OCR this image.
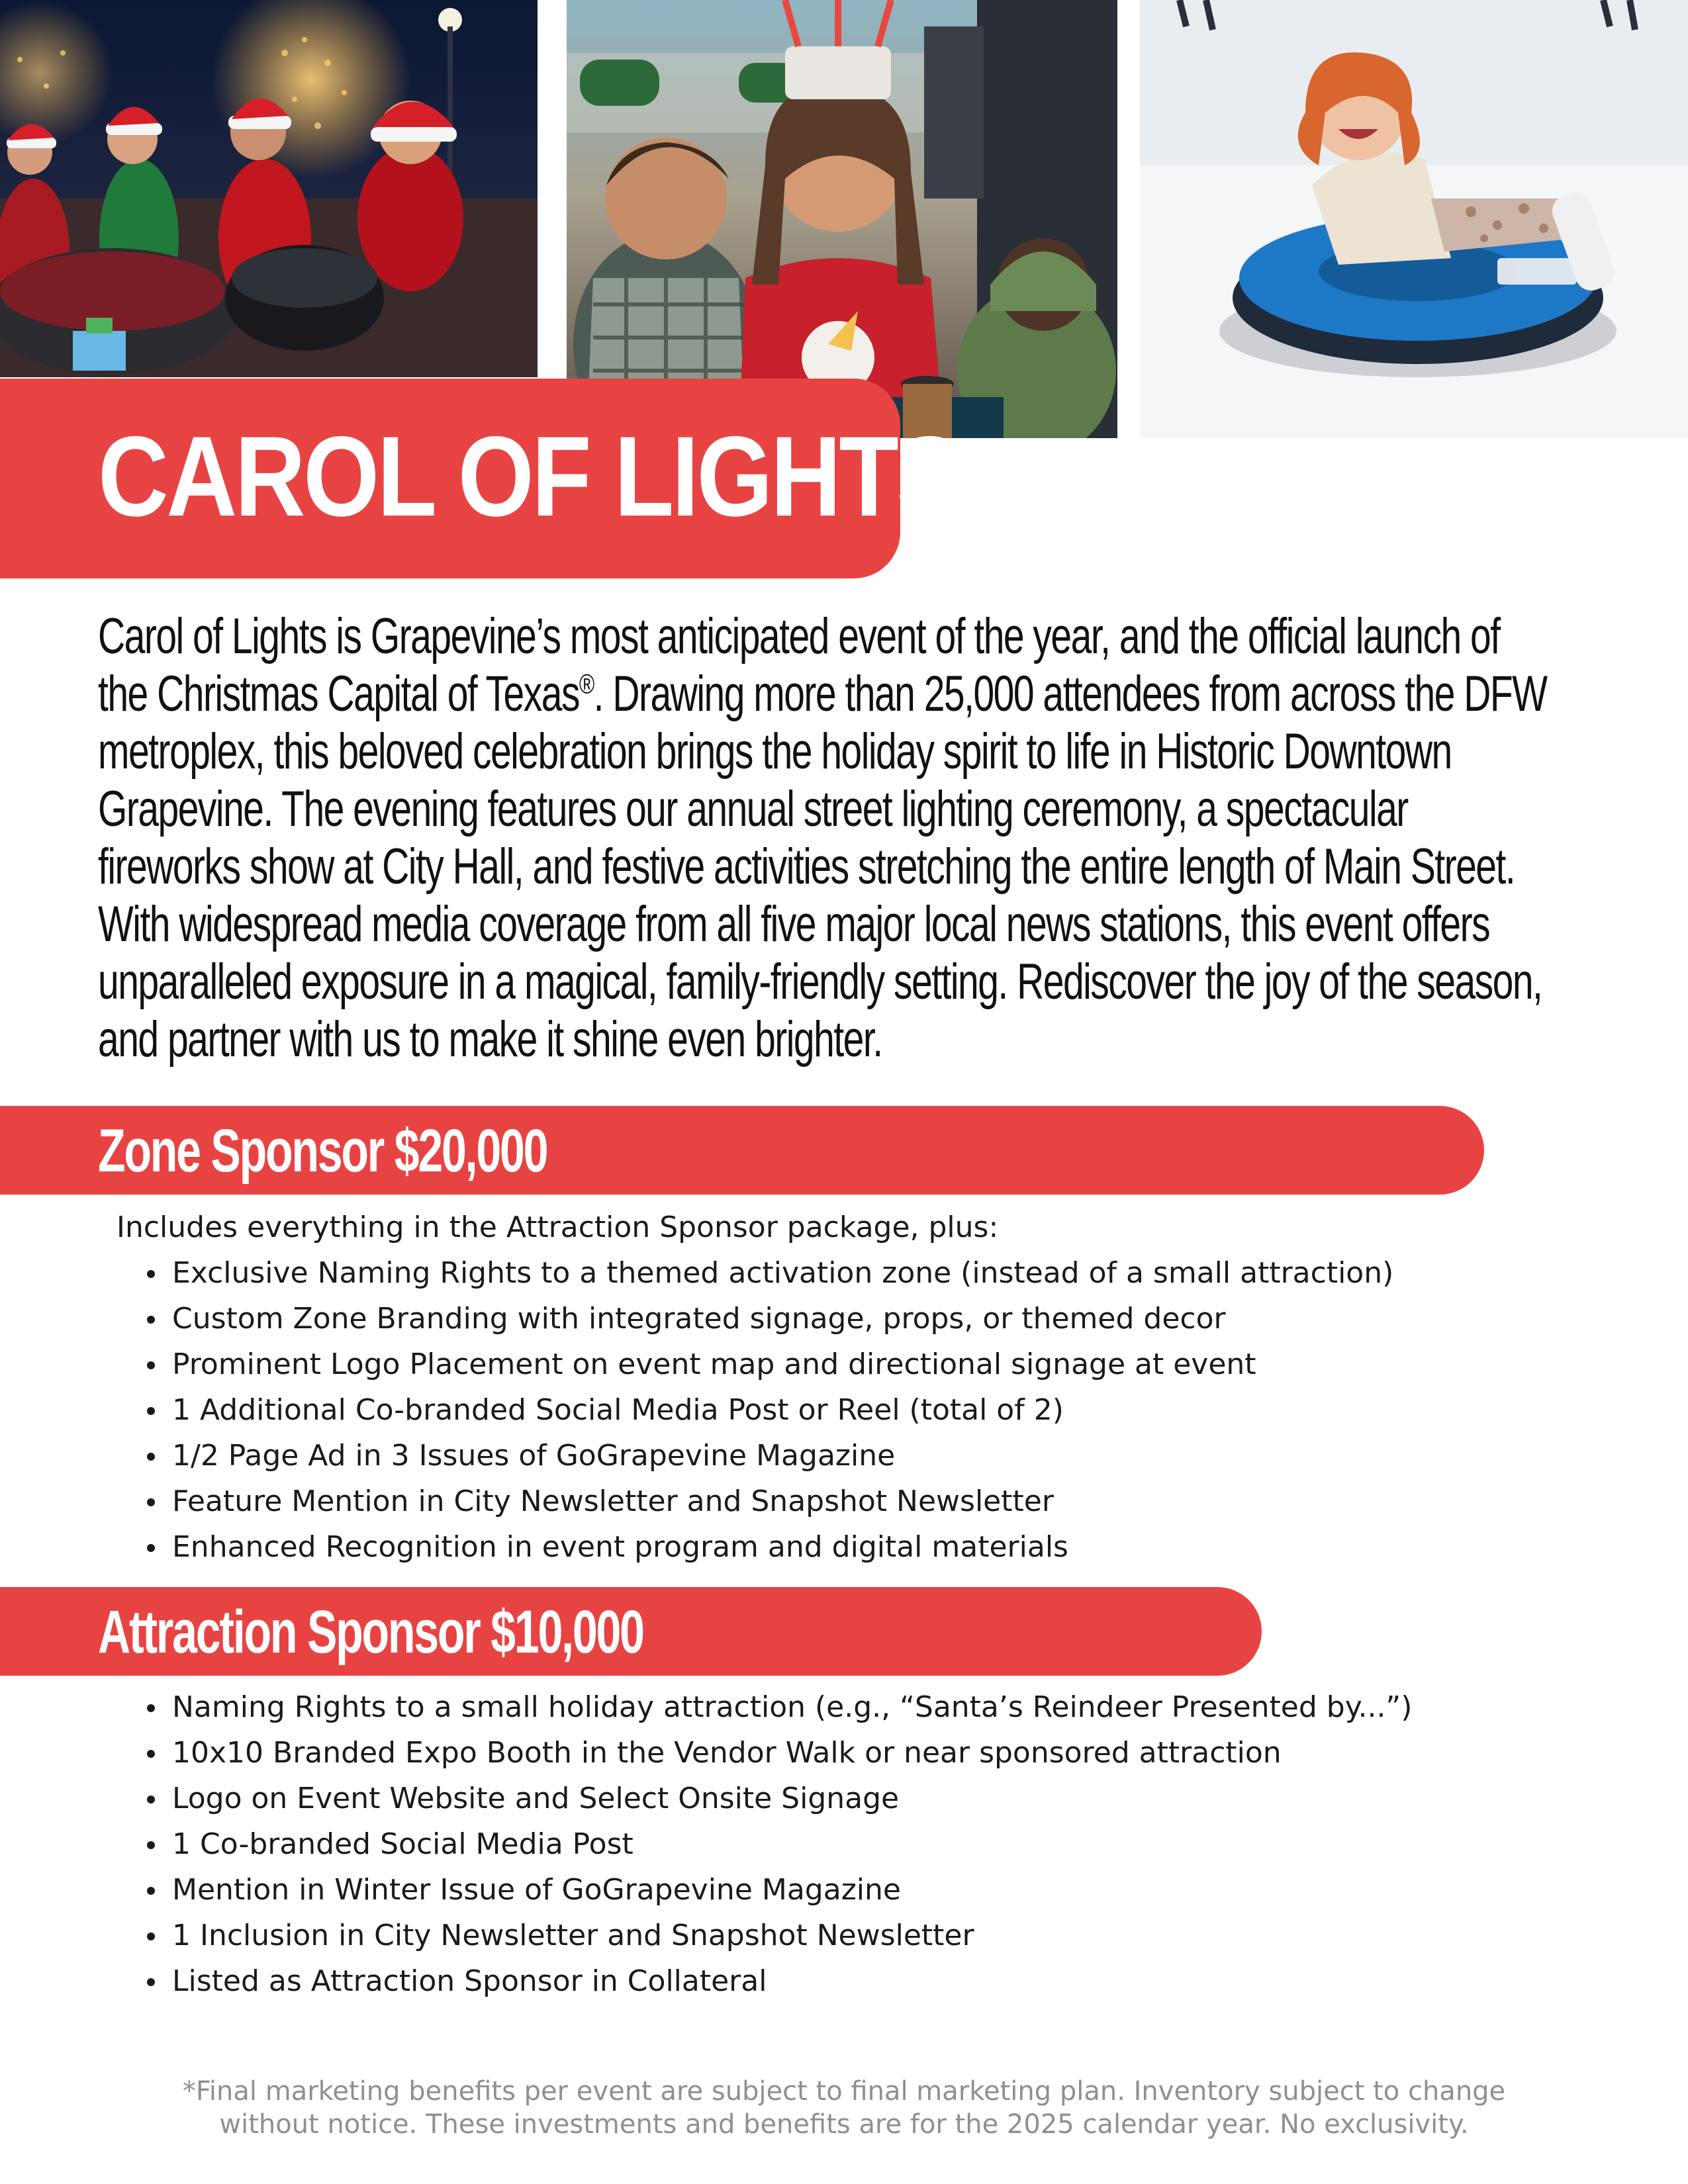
CAROL OF LIGHTS
Carol of Lights is Grapevine’s most anticipated event of the year, and the official launch of
the Christmas Capital of Texas®. Drawing more than 25,000 attendees from across the DFW
metroplex, this beloved celebration brings the holiday spirit to life in Historic Downtown
Grapevine. The evening features our annual street lighting ceremony, a spectacular
fireworks show at City Hall, and festive activities stretching the entire length of Main Street.
With widespread media coverage from all five major local news stations, this event offers
unparalleled exposure in a magical, family-friendly setting. Rediscover the joy of the season,
and partner with us to make it shine even brighter.
Zone Sponsor $20,000

Includes everything in the Attraction Sponsor package, plus:

Exclusive Naming Rights to a themed activation zone (instead of a small attraction)
Custom Zone Branding with integrated signage, props, or themed decor
Prominent Logo Placement on event map and directional signage at event
1 Additional Co-branded Social Media Post or Reel (total of 2)
1/2 Page Ad in 3 Issues of GoGrapevine Magazine
Feature Mention in City Newsletter and Snapshot Newsletter
Enhanced Recognition in event program and digital materials
Attraction Sponsor $10,000
Naming Rights to a small holiday attraction (e.g., “Santa’s Reindeer Presented by...”)
10x10 Branded Expo Booth in the Vendor Walk or near sponsored attraction
Logo on Event Website and Select Onsite Signage
1 Co-branded Social Media Post
Mention in Winter Issue of GoGrapevine Magazine
1 Inclusion in City Newsletter and Snapshot Newsletter
Listed as Attraction Sponsor in Collateral
*Final marketing benefits per event are subject to final marketing plan. Inventory subject to change
without notice. These investments and benefits are for the 2025 calendar year. No exclusivity.
